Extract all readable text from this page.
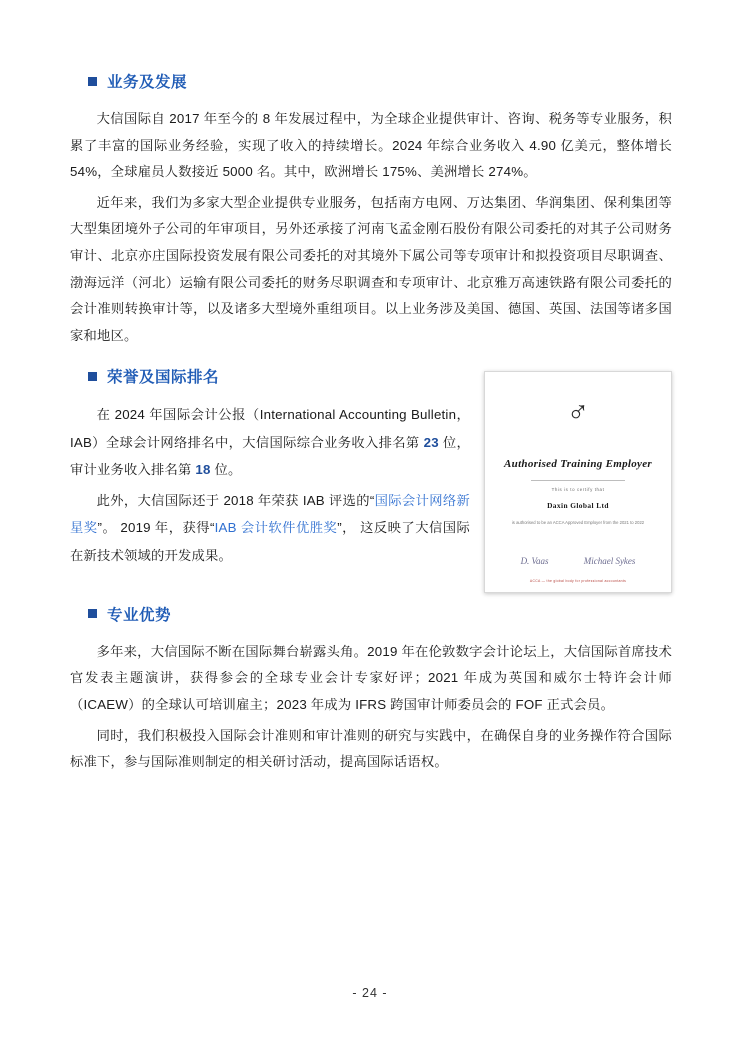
业务及发展

大信国际自 2017 年至今的 8 年发展过程中，为全球企业提供审计、咨询、税务等专业服务，积累了丰富的国际业务经验，实现了收入的持续增长。2024 年综合业务收入 4.90 亿美元，整体增长 54%，全球雇员人数接近 5000 名。其中，欧洲增长 175%、美洲增长 274%。

近年来，我们为多家大型企业提供专业服务，包括南方电网、万达集团、华润集团、保利集团等大型集团境外子公司的年审项目，另外还承接了河南飞孟金刚石股份有限公司委托的对其子公司财务审计、北京亦庄国际投资发展有限公司委托的对其境外下属公司等专项审计和拟投资项目尽职调查、渤海远洋（河北）运输有限公司委托的财务尽职调查和专项审计、北京雅万高速铁路有限公司委托的会计准则转换审计等，以及诸多大型境外重组项目。以上业务涉及美国、德国、英国、法国等诸多国家和地区。

荣誉及国际排名

在 2024 年国际会计公报（International Accounting Bulletin，IAB）全球会计网络排名中，大信国际综合业务收入排名第 23 位，审计业务收入排名第 18 位。

此外，大信国际还于 2018 年荣获 IAB 评选的“国际会计网络新星奖”。 2019 年，获得“IAB 会计软件优胜奖”， 这反映了大信国际在新技术领域的开发成果。

♂
Authorised Training Employer
This is to certify that
Daxin Global Ltd
is authorised to be an ACCA Approved Employer from the 2021 to 2022
D. Vaas	Michael Sykes
ACCA — the global body for professional accountants
专业优势

多年来，大信国际不断在国际舞台崭露头角。2019 年在伦敦数字会计论坛上，大信国际首席技术官发表主题演讲，获得参会的全球专业会计专家好评；2021 年成为英国和威尔士特许会计师（ICAEW）的全球认可培训雇主；2023 年成为 IFRS 跨国审计师委员会的 FOF 正式会员。

同时，我们积极投入国际会计准则和审计准则的研究与实践中，在确保自身的业务操作符合国际标准下，参与国际准则制定的相关研讨活动，提高国际话语权。

- 24 -
